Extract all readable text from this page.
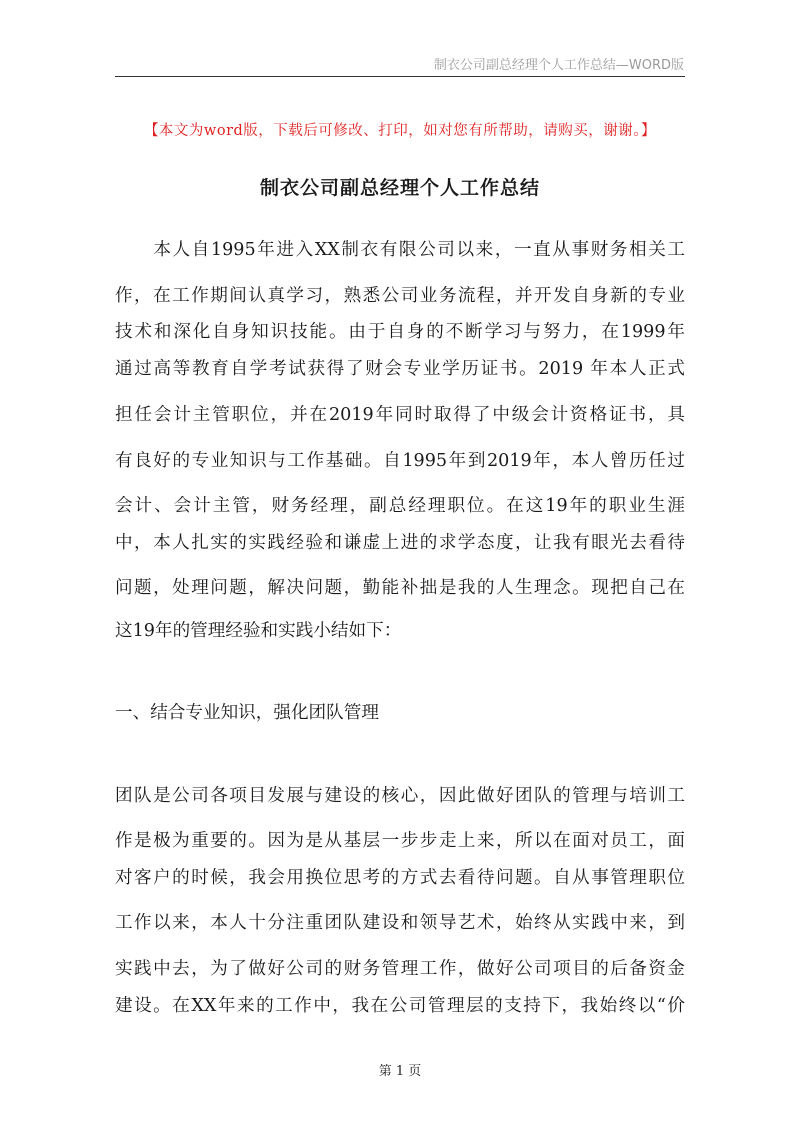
制衣公司副总经理个人工作总结—WORD版
【本文为word版，下载后可修改、打印，如对您有所帮助，请购买，谢谢。】
制衣公司副总经理个人工作总结
　　本人自1995年进入XX制衣有限公司以来，一直从事财务相关工
作，在工作期间认真学习，熟悉公司业务流程，并开发自身新的专业
技术和深化自身知识技能。由于自身的不断学习与努力，在1999年
通过高等教育自学考试获得了财会专业学历证书。2019 年本人正式
担任会计主管职位，并在2019年同时取得了中级会计资格证书，具
有良好的专业知识与工作基础。自1995年到2019年，本人曾历任过
会计、会计主管，财务经理，副总经理职位。在这19年的职业生涯
中，本人扎实的实践经验和谦虚上进的求学态度，让我有眼光去看待
问题，处理问题，解决问题，勤能补拙是我的人生理念。现把自己在
这19年的管理经验和实践小结如下：
一、结合专业知识，强化团队管理
团队是公司各项目发展与建设的核心，因此做好团队的管理与培训工
作是极为重要的。因为是从基层一步步走上来，所以在面对员工，面
对客户的时候，我会用换位思考的方式去看待问题。自从事管理职位
工作以来，本人十分注重团队建设和领导艺术，始终从实践中来，到
实践中去，为了做好公司的财务管理工作，做好公司项目的后备资金
建设。在XX年来的工作中，我在公司管理层的支持下，我始终以“价
第 1 页
